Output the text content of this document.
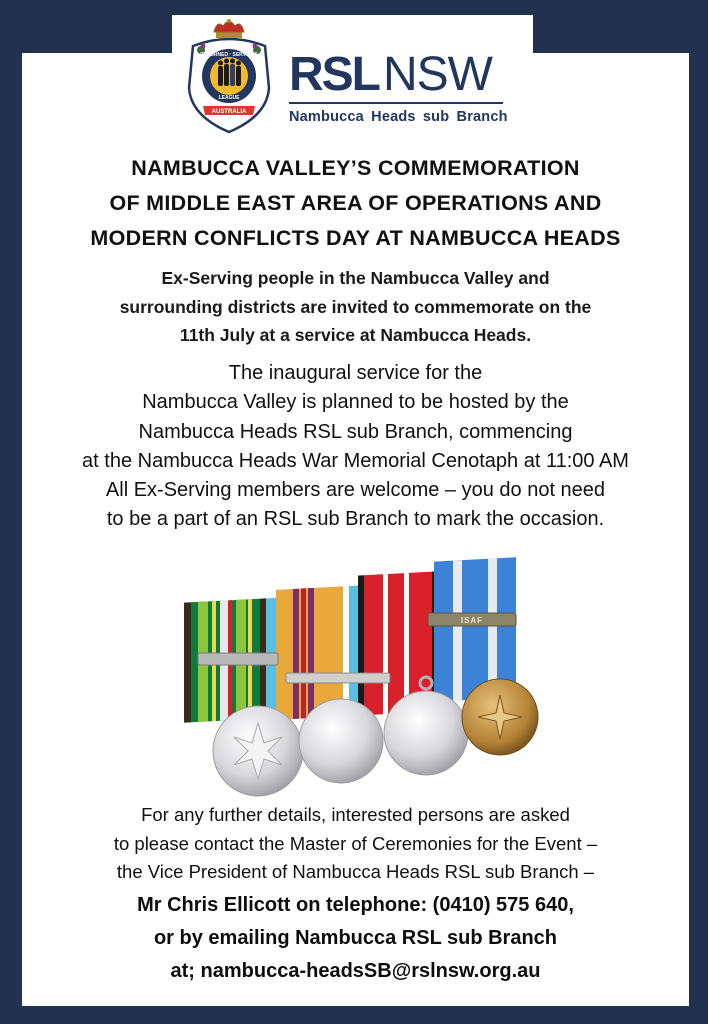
RETURNED · SERVICES
LEAGUE
AUSTRALIA
RSL NSW
Nambucca Heads sub Branch
NAMBUCCA VALLEY’S COMMEMORATION
OF MIDDLE EAST AREA OF OPERATIONS AND
MODERN CONFLICTS DAY AT NAMBUCCA HEADS
Ex-Serving people in the Nambucca Valley and
surrounding districts are invited to commemorate on the
11th July at a service at Nambucca Heads.
The inaugural service for the
Nambucca Valley is planned to be hosted by the
Nambucca Heads RSL sub Branch, commencing
at the Nambucca Heads War Memorial Cenotaph at 11:00 AM
All Ex-Serving members are welcome – you do not need
to be a part of an RSL sub Branch to mark the occasion.
ISAF
For any further details, interested persons are asked
to please contact the Master of Ceremonies for the Event –
the Vice President of Nambucca Heads RSL sub Branch –
Mr Chris Ellicott on telephone: (0410) 575 640,
or by emailing Nambucca RSL sub Branch
at; nambucca-headsSB@rslnsw.org.au
